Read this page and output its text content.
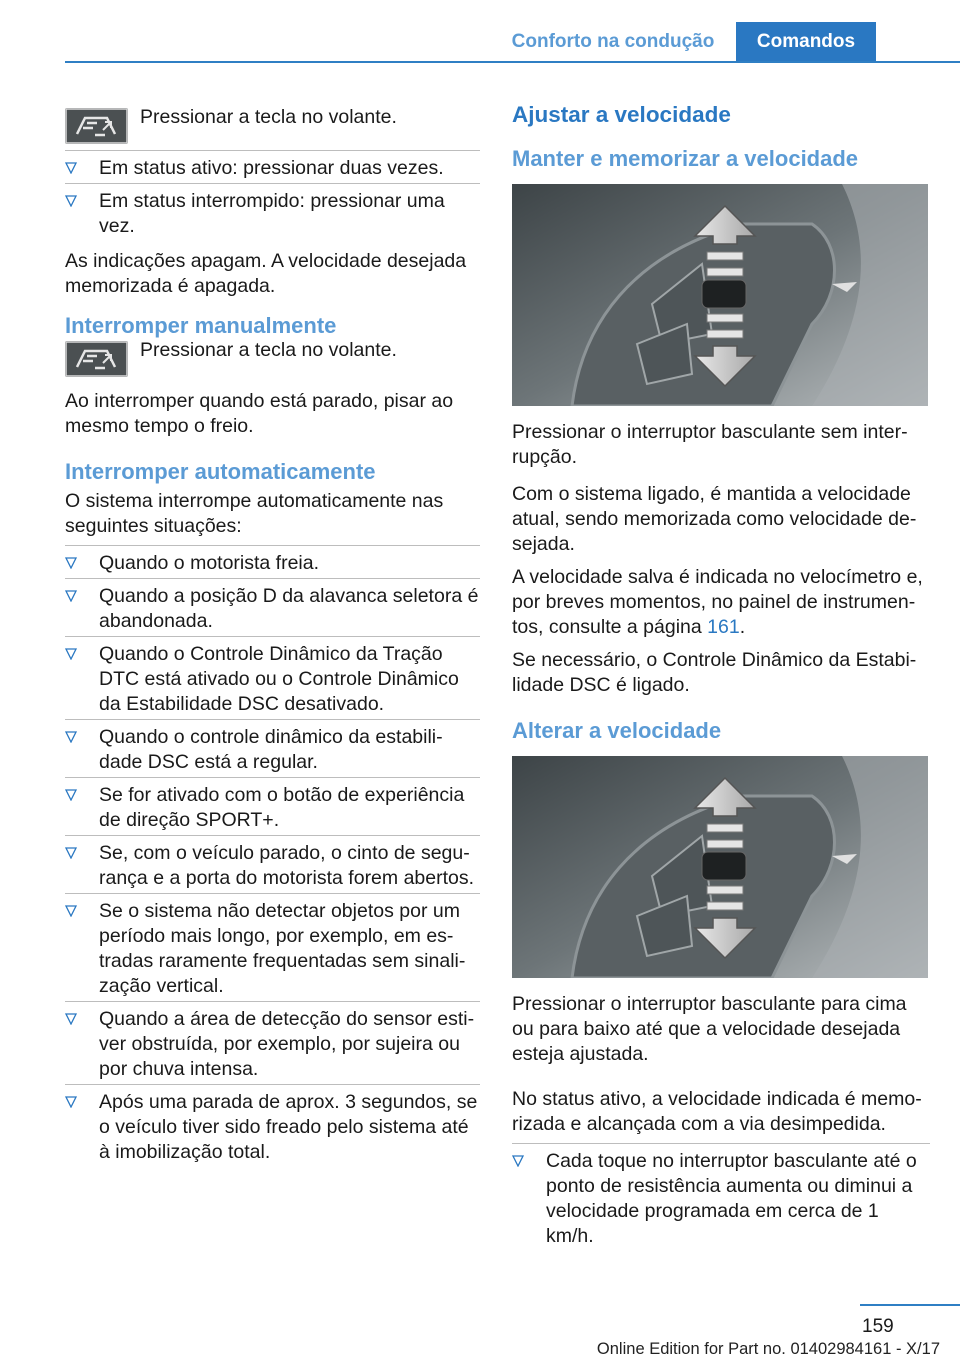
Conforto na condução	Comandos

Pressionar a tecla no volante.

Em status ativo: pressionar duas vezes.
Em status interrompido: pressionar uma vez.

As indicações apagam. A velocidade desejada memorizada é apagada.

Interromper manualmente

Pressionar a tecla no volante.

Ao interromper quando está parado, pisar ao mesmo tempo o freio.

Interromper automaticamente

O sistema interrompe automaticamente nas seguintes situações:

Quando o motorista freia.
Quando a posição D da alavanca seletora é abandonada.
Quando o Controle Dinâmico da Tração DTC está ativado ou o Controle Dinâmico da Estabilidade DSC desativado.
Quando o controle dinâmico da estabili‐dade DSC está a regular.
Se for ativado com o botão de experiência de direção SPORT+.
Se, com o veículo parado, o cinto de segu‐rança e a porta do motorista forem abertos.
Se o sistema não detectar objetos por um período mais longo, por exemplo, em es‐tradas raramente frequentadas sem sinali‐zação vertical.
Quando a área de detecção do sensor esti‐ver obstruída, por exemplo, por sujeira ou por chuva intensa.
Após uma parada de aprox. 3 segundos, se o veículo tiver sido freado pelo sistema até à imobilização total.
Ajustar a velocidade
Manter e memorizar a velocidade

Pressionar o interruptor basculante sem inter‐rupção.

Com o sistema ligado, é mantida a velocidade atual, sendo memorizada como velocidade de‐sejada.

A velocidade salva é indicada no velocímetro e, por breves momentos, no painel de instrumen‐tos, consulte a página 161.

Se necessário, o Controle Dinâmico da Estabi‐lidade DSC é ligado.

Alterar a velocidade

Pressionar o interruptor basculante para cima ou para baixo até que a velocidade desejada esteja ajustada.

No status ativo, a velocidade indicada é memo‐rizada e alcançada com a via desimpedida.

Cada toque no interruptor basculante até o ponto de resistência aumenta ou diminui a velocidade programada em cerca de 1 km/h.
159
Online Edition for Part no. 01402984161 - X/17
